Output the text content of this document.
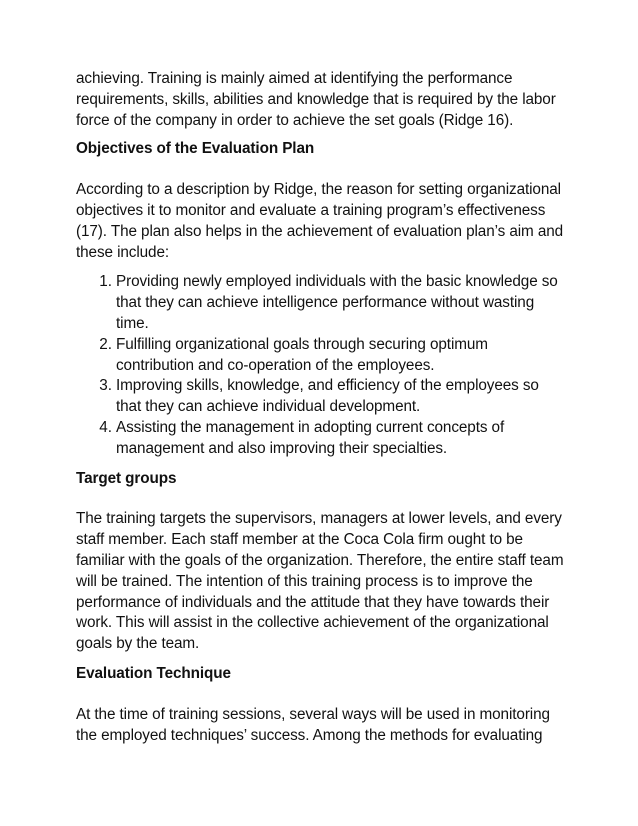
achieving. Training is mainly aimed at identifying the performance requirements, skills, abilities and knowledge that is required by the labor force of the company in order to achieve the set goals (Ridge 16).

Objectives of the Evaluation Plan

According to a description by Ridge, the reason for setting organizational objectives it to monitor and evaluate a training program’s effectiveness (17). The plan also helps in the achievement of evaluation plan’s aim and these include:

1. Providing newly employed individuals with the basic knowledge so that they can achieve intelligence performance without wasting time.
2. Fulfilling organizational goals through securing optimum contribution and co-operation of the employees.
3. Improving skills, knowledge, and efficiency of the employees so that they can achieve individual development.
4. Assisting the management in adopting current concepts of management and also improving their specialties.
Target groups

The training targets the supervisors, managers at lower levels, and every staff member. Each staff member at the Coca Cola firm ought to be familiar with the goals of the organization. Therefore, the entire staff team will be trained. The intention of this training process is to improve the performance of individuals and the attitude that they have towards their work. This will assist in the collective achievement of the organizational goals by the team.

Evaluation Technique

At the time of training sessions, several ways will be used in monitoring the employed techniques’ success. Among the methods for evaluating
